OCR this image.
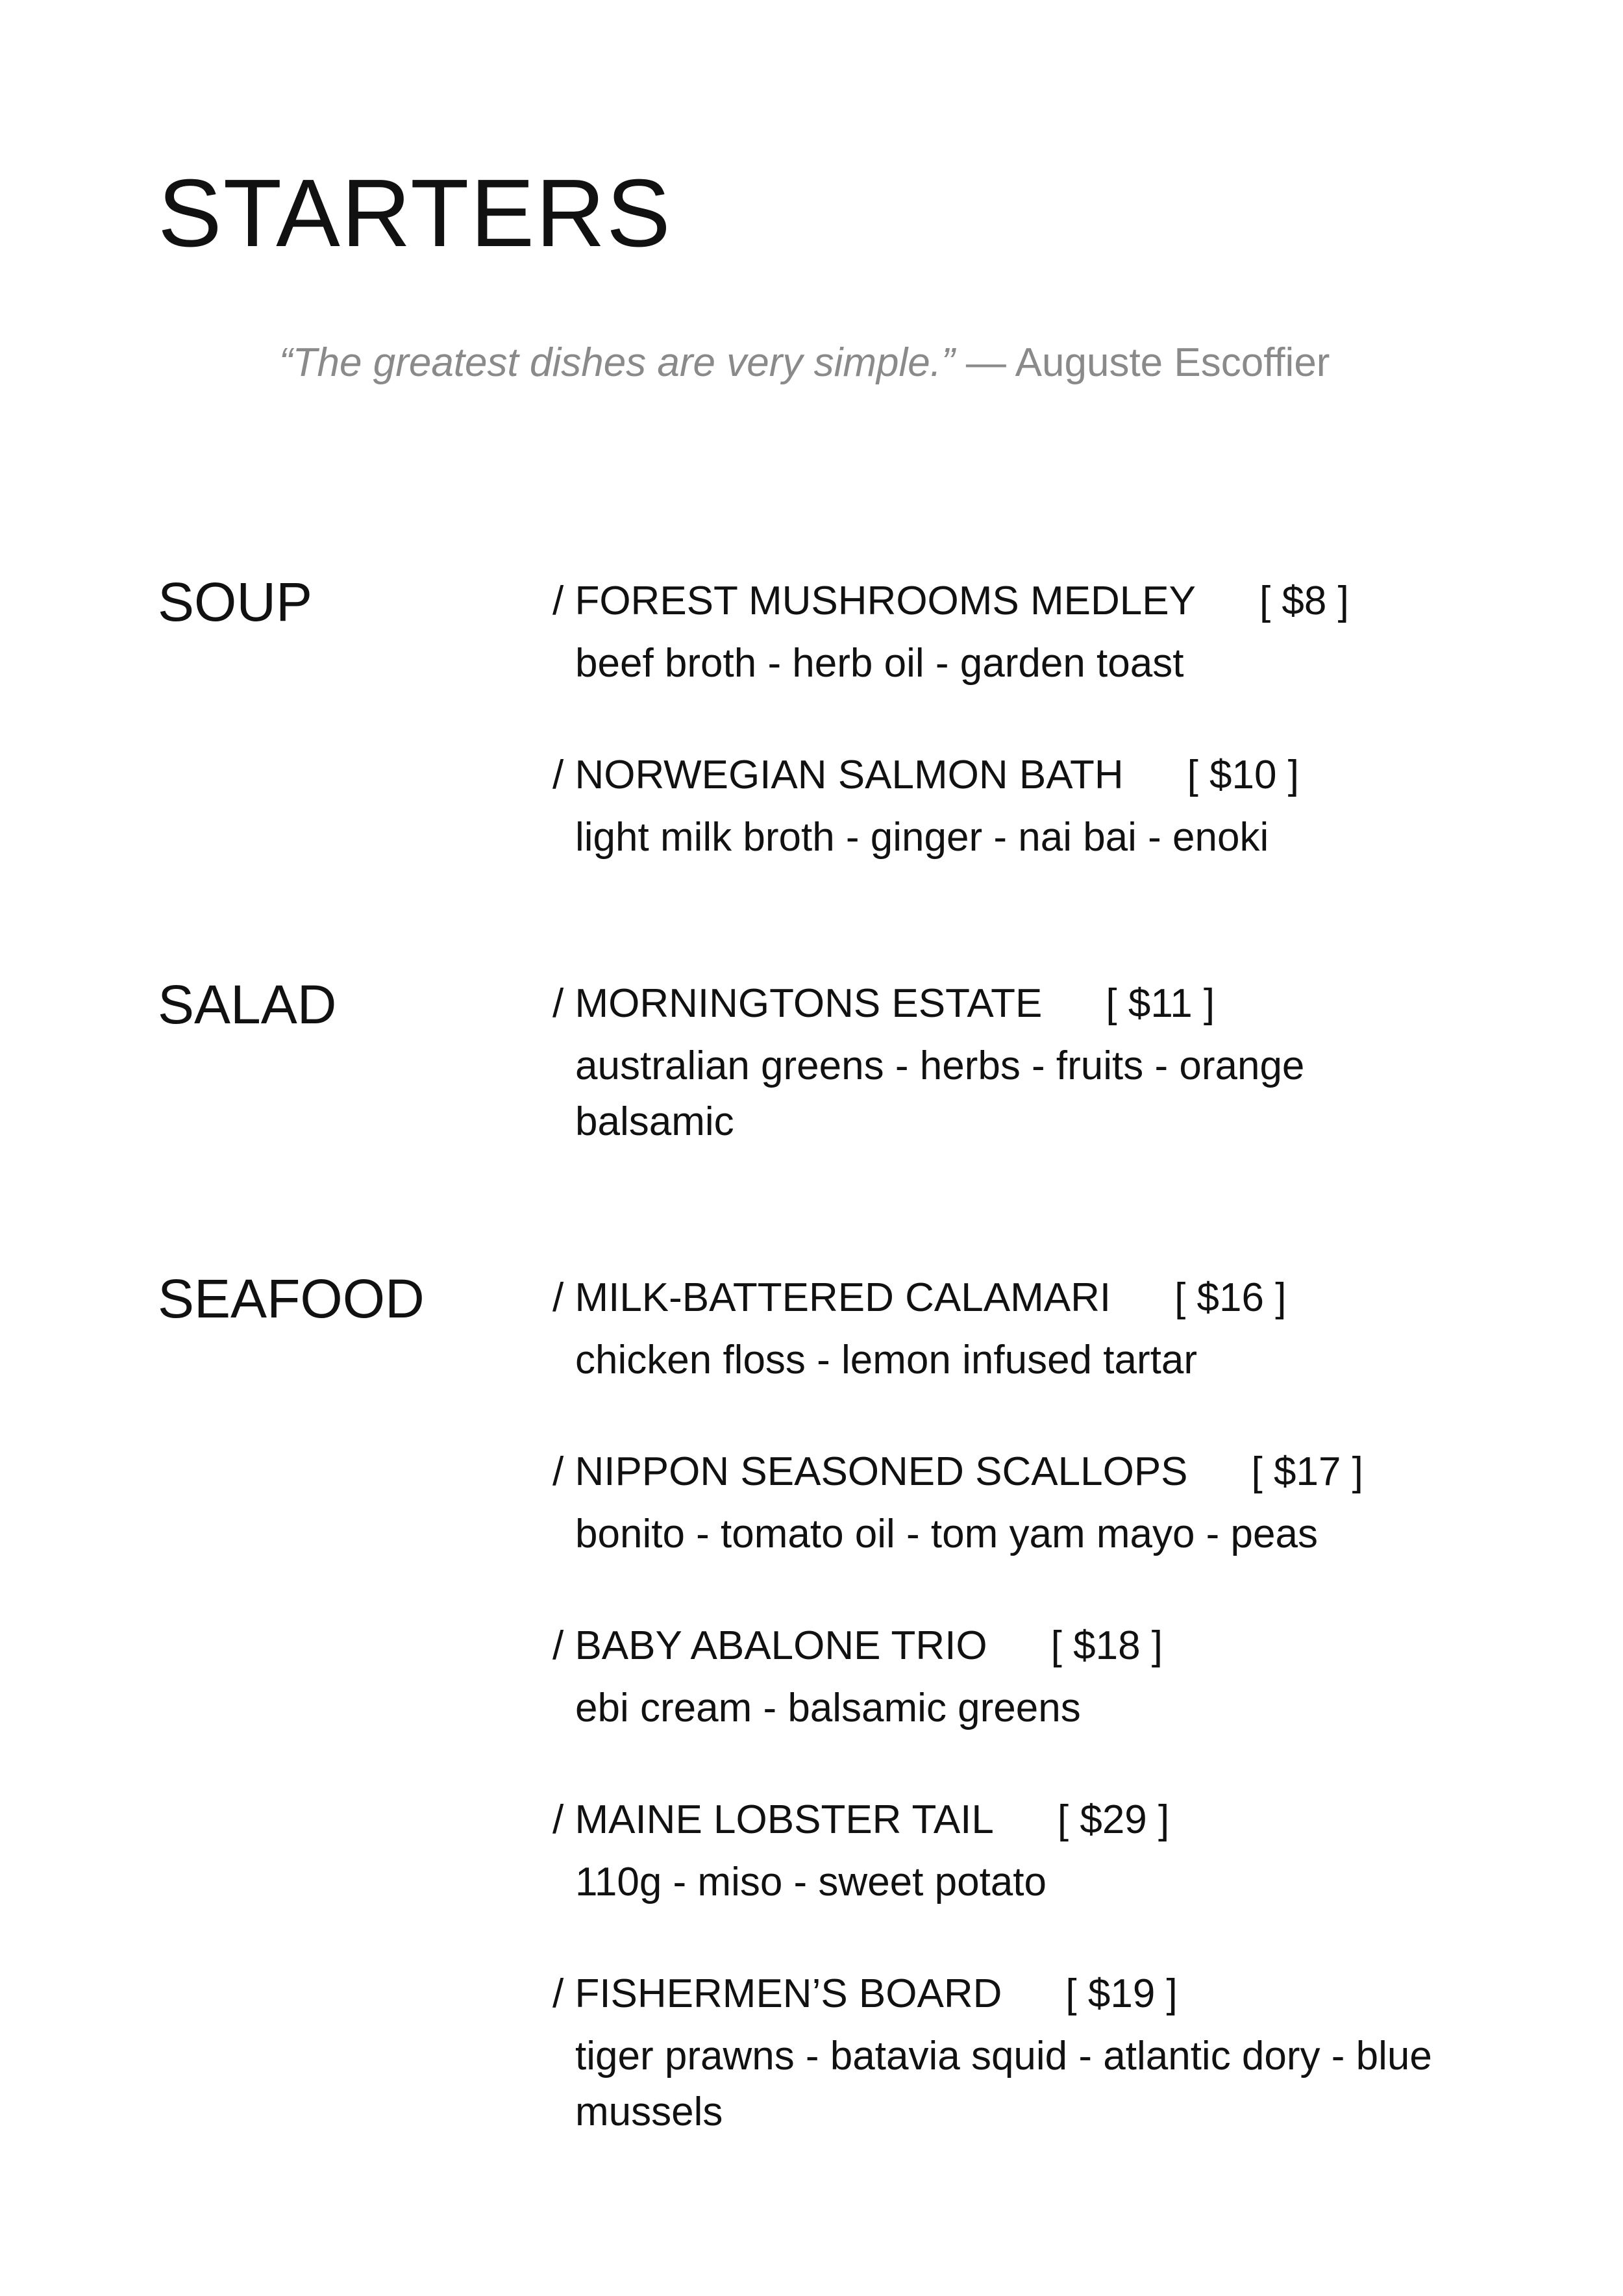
STARTERS
“The greatest dishes are very simple.” — Auguste Escoffier
SOUP	/ FOREST MUSHROOMS MEDLEY [ $8 ]
beef broth - herb oil - garden toast
/ NORWEGIAN SALMON BATH [ $10 ]
light milk broth - ginger - nai bai - enoki
SALAD	/ MORNINGTONS ESTATE [ $11 ]
australian greens - herbs - fruits - orange balsamic
SEAFOOD	/ MILK-BATTERED CALAMARI [ $16 ]
chicken floss - lemon infused tartar
/ NIPPON SEASONED SCALLOPS [ $17 ]
bonito - tomato oil - tom yam mayo - peas
/ BABY ABALONE TRIO [ $18 ]
ebi cream - balsamic greens
/ MAINE LOBSTER TAIL [ $29 ]
110g - miso - sweet potato
/ FISHERMEN’S BOARD [ $19 ]
tiger prawns - batavia squid - atlantic dory - blue mussels
